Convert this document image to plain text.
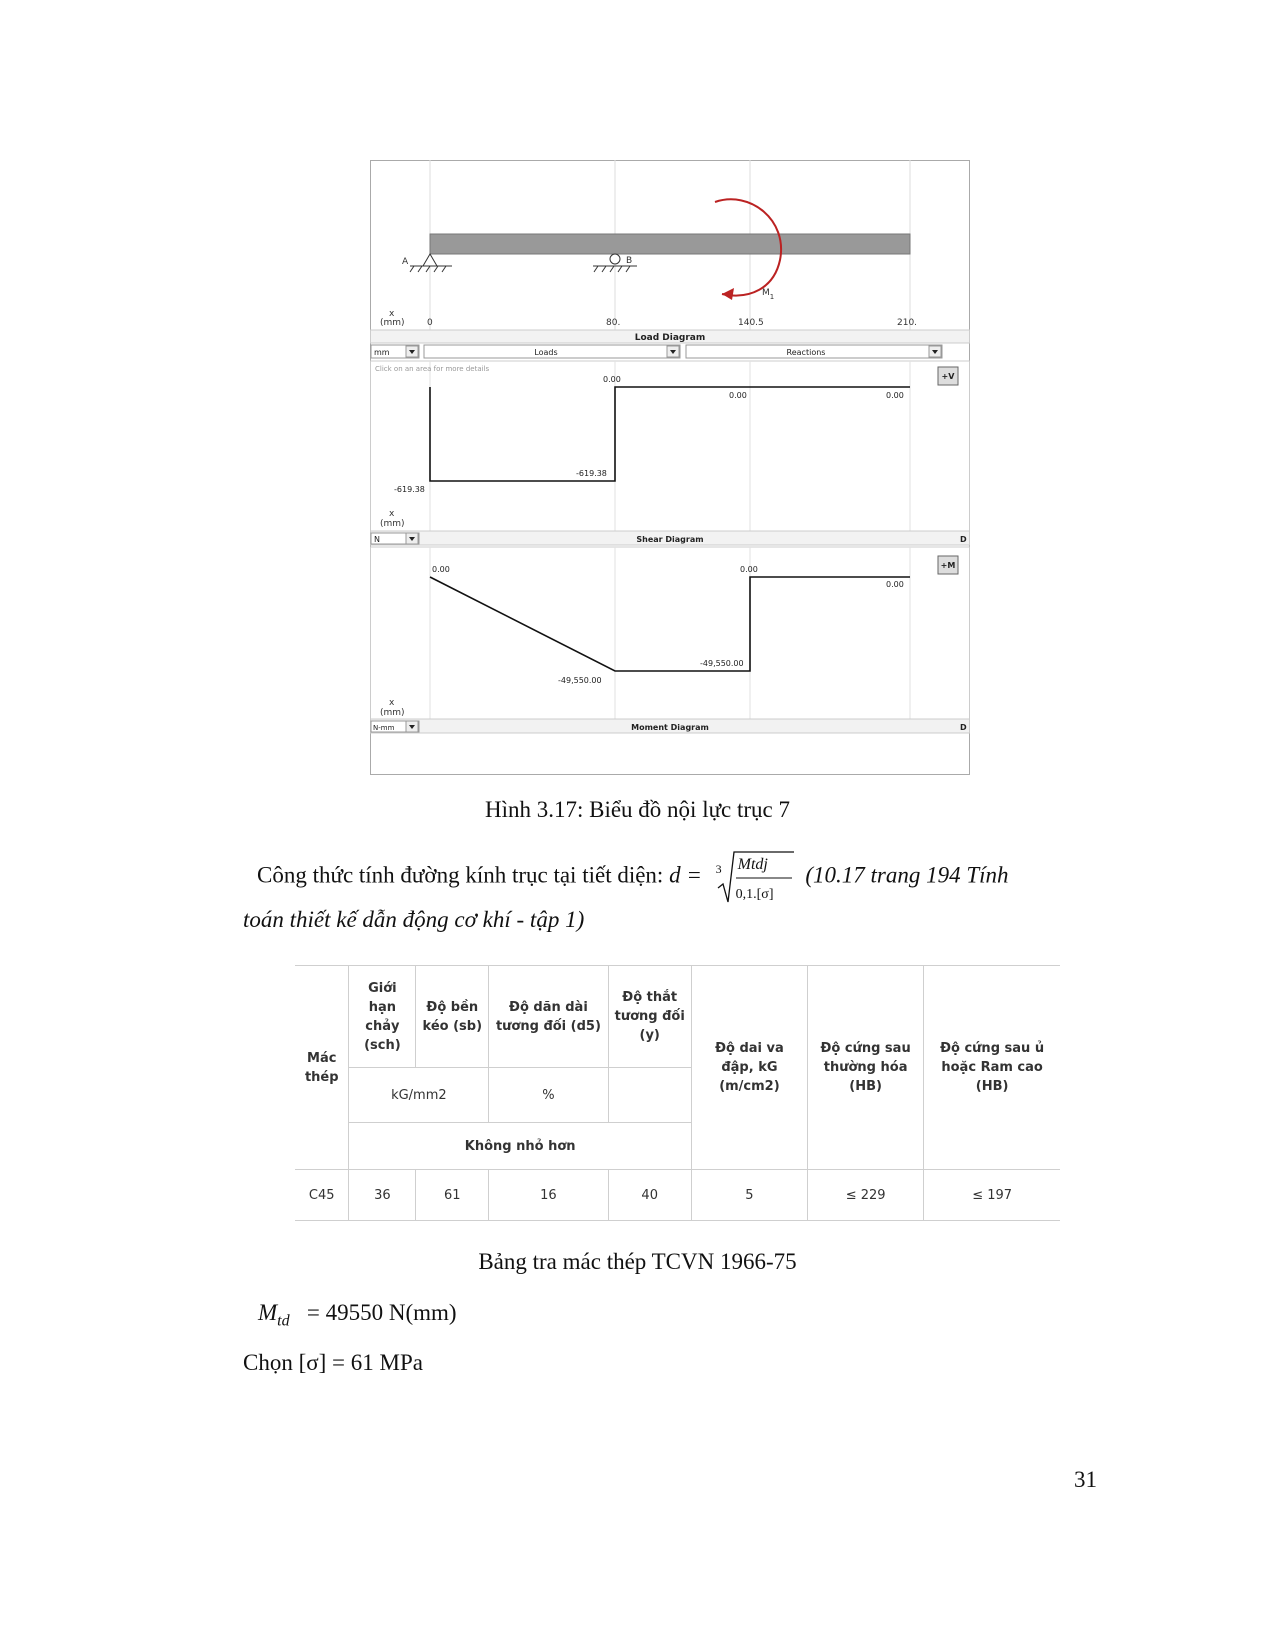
A	B
$M_1$
x
(mm) 0	80.	140.5	210.
Load Diagram
mm	Loads	Reactions
Click on an area for more details
0.00
0.00	0.00
-619.38
-619.38
+V
x
(mm)
N	Shear Diagram	D
0.00	0.00
0.00
-49,550.00
-49,550.00
+M
x
(mm)
N-mm	Moment Diagram	D
Hình 3.17: Biểu đồ nội lực trục 7
Công thức tính đường kính trục tại tiết diện: d = 3 Mtdj
0,1.[σ]
(10.17 trang 194 Tính
toán thiết kế dẫn động cơ khí - tập 1)
Mác thép	Giới hạn chảy (sch)	Độ bền kéo (sb)	Độ dãn dài tương đối (d5)	Độ thắt tương đối (y)	Độ dai va đập, kG (m/cm2)	Độ cứng sau thường hóa (HB)	Độ cứng sau ủ hoặc Ram cao (HB)
	kG/mm2		%				
	Không nhỏ hơn						
C45	36	61	16	40	5	≤ 229	≤ 197
Bảng tra mác thép TCVN 1966-75
$M_{td} = 49550$ N(mm)
Chọn [σ] = 61 MPa
31
